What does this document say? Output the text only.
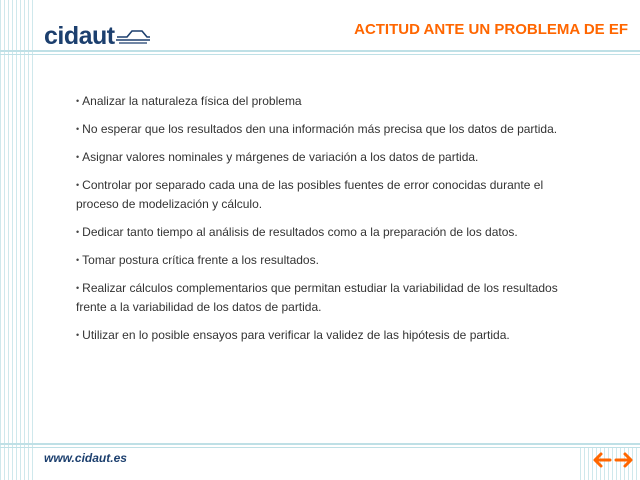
cidaut	ACTITUD ANTE UN PROBLEMA DE EF
• Analizar la naturaleza física del problema
• No esperar que los resultados den una información más precisa que los datos de partida.
• Asignar valores nominales y márgenes de variación a los datos de partida.
• Controlar por separado cada una de las posibles fuentes de error conocidas durante el proceso de modelización y cálculo.
• Dedicar tanto tiempo al análisis de resultados como a la preparación de los datos.
• Tomar postura crítica frente a los resultados.
• Realizar cálculos complementarios que permitan estudiar la variabilidad de los resultados frente a la variabilidad de los datos de partida.
• Utilizar en lo posible ensayos para verificar la validez de las hipótesis de partida.
www.cidaut.es
